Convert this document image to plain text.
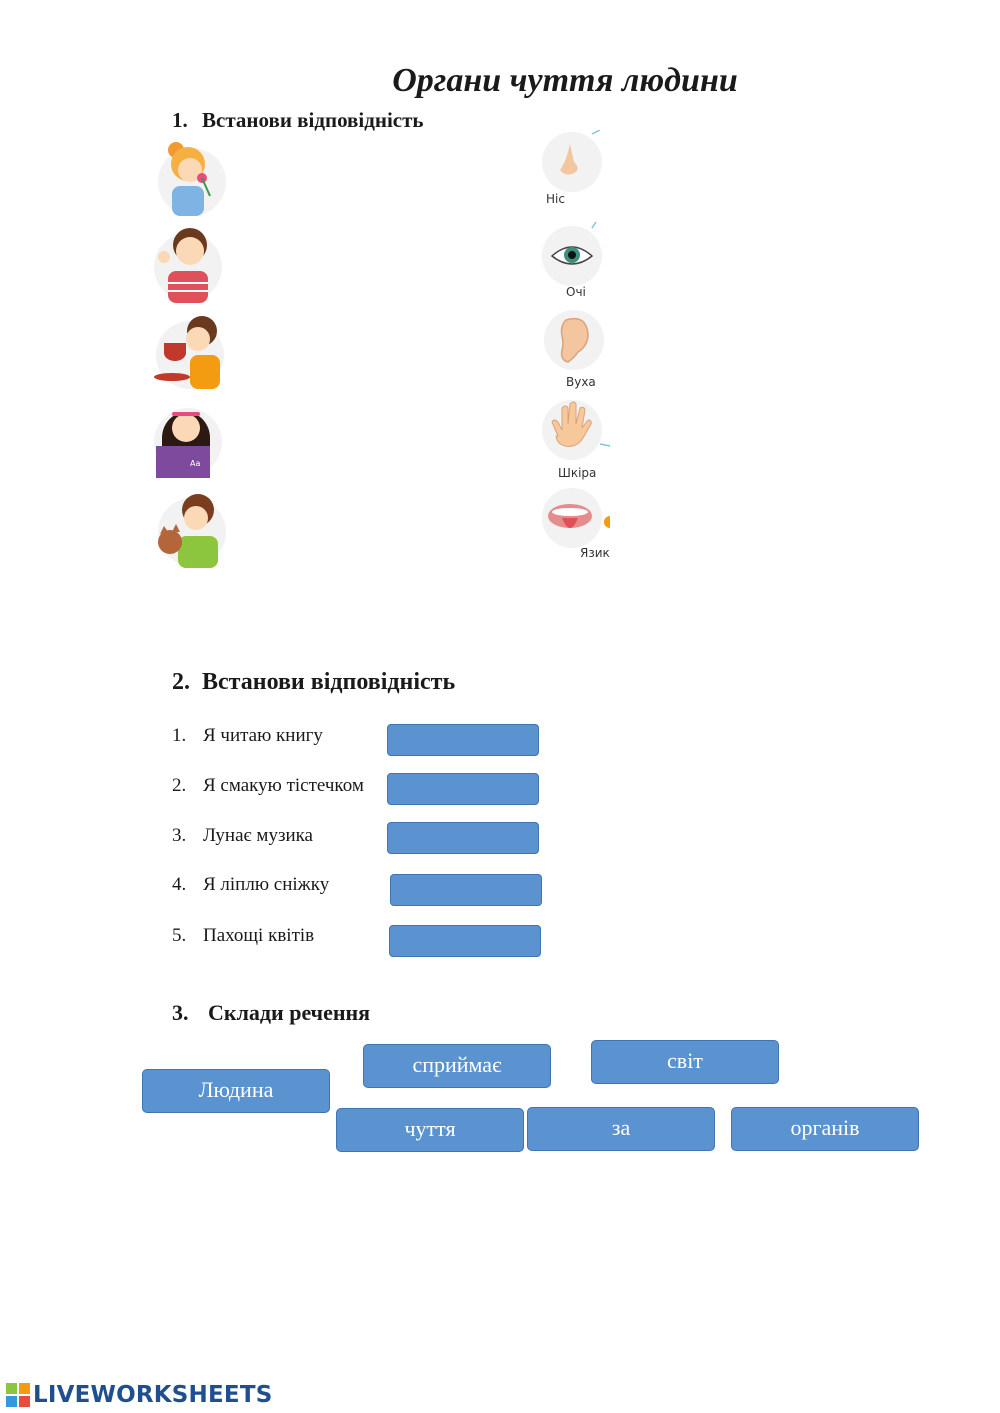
Органи чуття людини
1. Встанови відповідність
Aa
Ніс
Очі
Вуха
Шкіра
Язик
2. Встанови відповідність
1. Я читаю книгу
2. Я смакую тістечком
3. Лунає музика
4. Я ліплю сніжку
5. Пахощі квітів
3. Склади речення
Людина
сприймає	світ
чуття	за	органів
LIVEWORKSHEETS
